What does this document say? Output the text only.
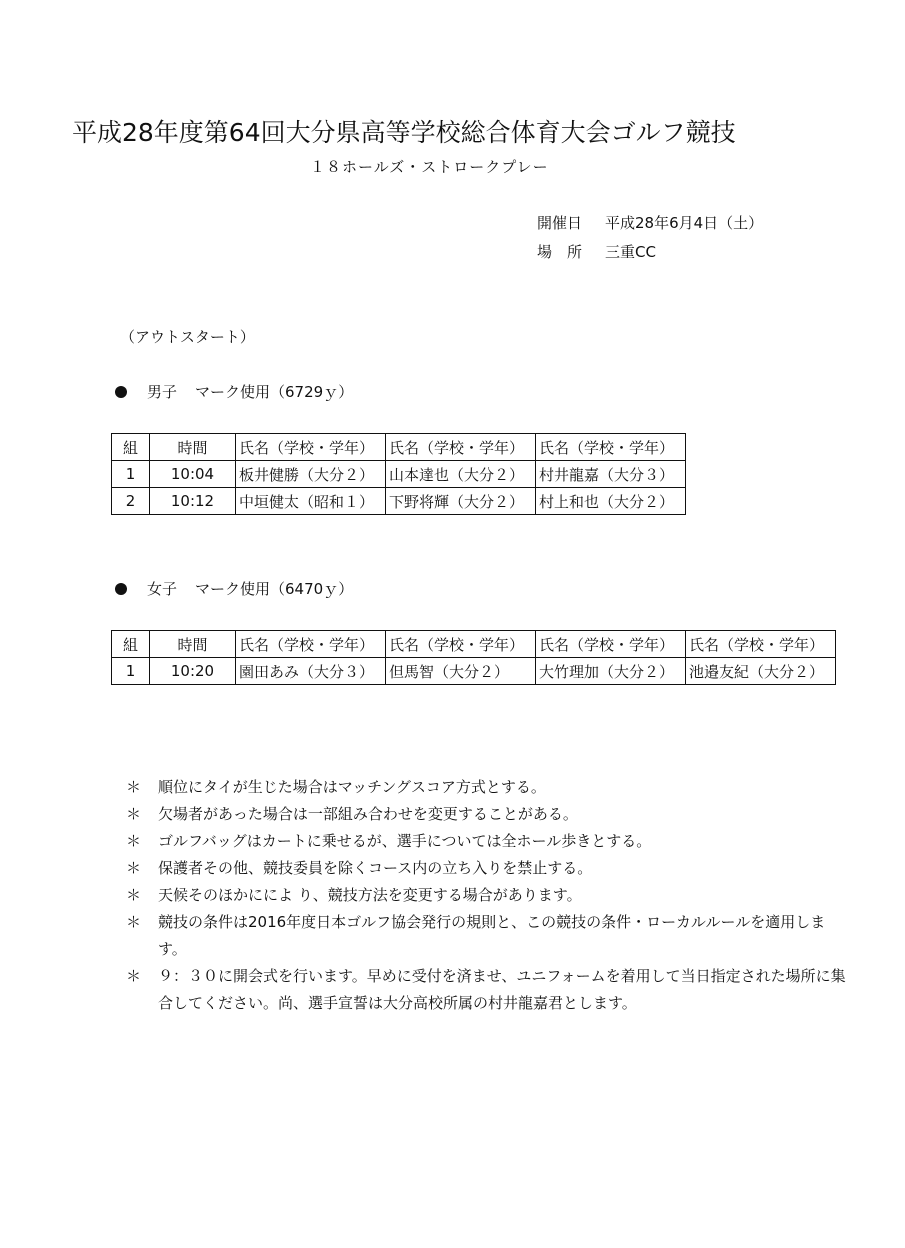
平成28年度第64回大分県高等学校総合体育大会ゴルフ競技
１８ホールズ・ストロークプレー
開催日 平成28年6月4日（土）
場　所 三重CC
（アウトスタート）
男子 マーク使用（6729ｙ）
組	時間	氏名（学校・学年）	氏名（学校・学年）	氏名（学校・学年）
1	10:04	板井健勝（大分２）	山本達也（大分２）	村井龍嘉（大分３）
2	10:12	中垣健太（昭和１）	下野将輝（大分２）	村上和也（大分２）
女子 マーク使用（6470ｙ）
組	時間	氏名（学校・学年）	氏名（学校・学年）	氏名（学校・学年）	氏名（学校・学年）
1	10:20	園田あみ（大分３）	但馬智（大分２）	大竹理加（大分２）	池邉友紀（大分２）
＊	順位にタイが生じた場合はマッチングスコア方式とする。
＊	欠場者があった場合は一部組み合わせを変更することがある。
＊	ゴルフバッグはカートに乗せるが、選手については全ホール歩きとする。
＊	保護者その他、競技委員を除くコース内の立ち入りを禁止する。
＊	天候そのほかにによ り、競技方法を変更する場合があります。
＊	競技の条件は2016年度日本ゴルフ協会発行の規則と、この競技の条件・ローカルルールを適用します。
＊	９：３０に開会式を行います。早めに受付を済ませ、ユニフォームを着用して当日指定された場所に集合してください。尚、選手宣誓は大分高校所属の村井龍嘉君とします。
